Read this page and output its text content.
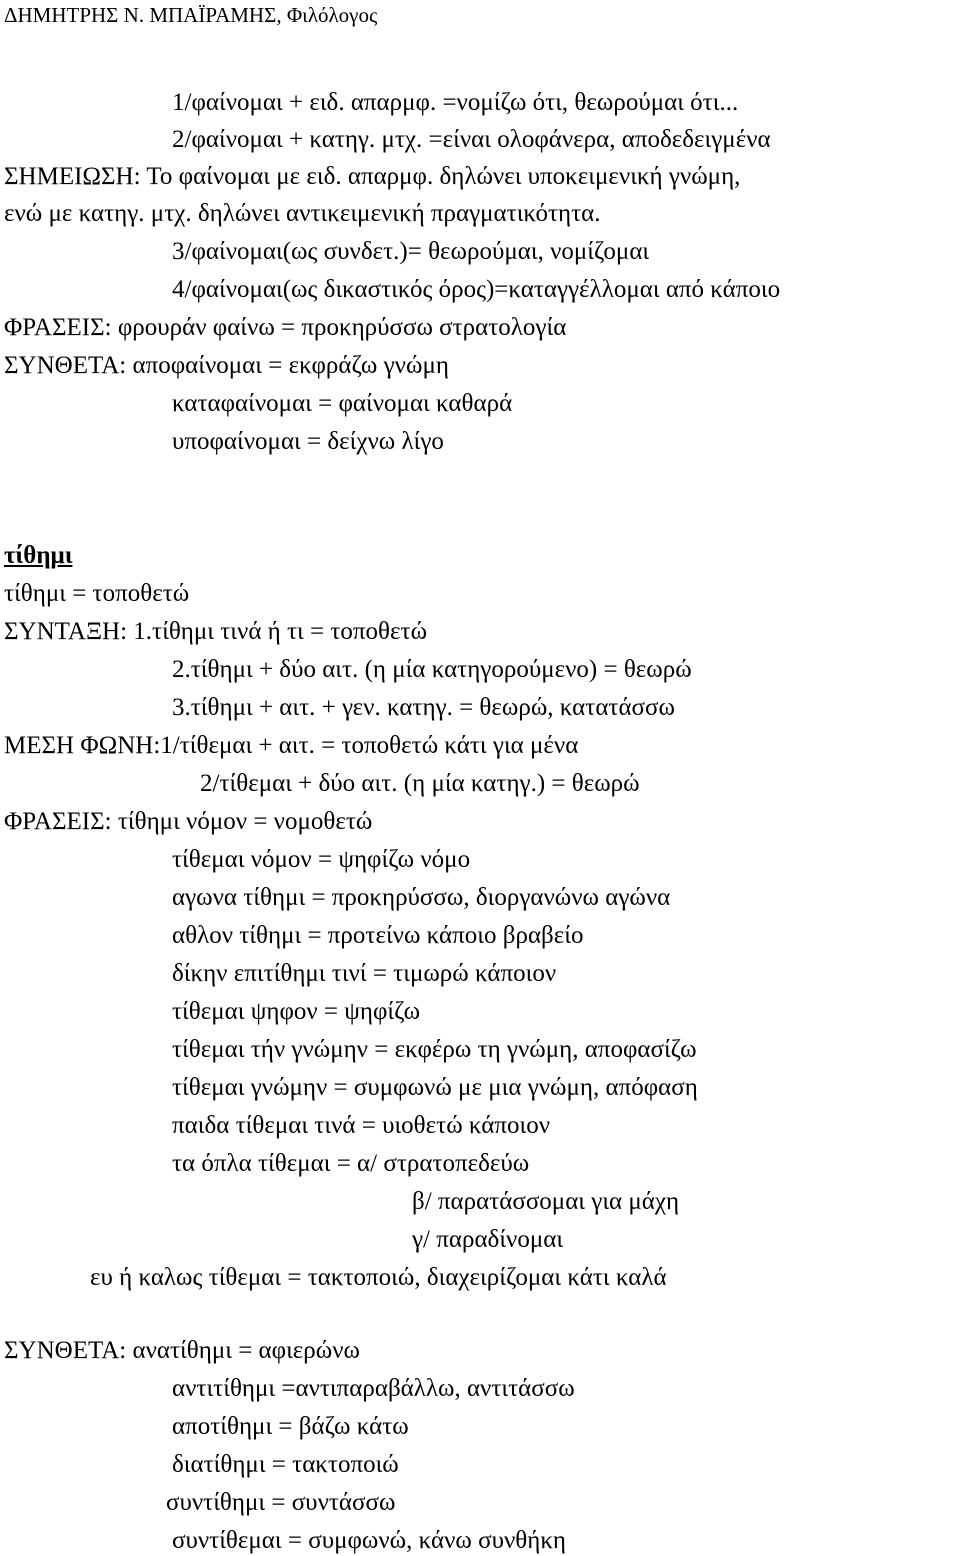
ΔΗΜΗΤΡΗΣ Ν. ΜΠΑΪΡΑΜΗΣ, Φιλόλογος
1/φαίνομαι + ειδ. απαρμφ. =νομίζω ότι, θεωρούμαι ότι...
2/φαίνομαι + κατηγ. μτχ. =είναι ολοφάνερα, αποδεδειγμένα
ΣΗΜΕΙΩΣΗ: Το φαίνομαι με ειδ. απαρμφ. δηλώνει υποκειμενική γνώμη,
ενώ με κατηγ. μτχ. δηλώνει αντικειμενική πραγματικότητα.
3/φαίνομαι(ως συνδετ.)= θεωρούμαι, νομίζομαι
4/φαίνομαι(ως δικαστικός όρος)=καταγγέλλομαι από κάποιο
ΦΡΑΣΕΙΣ: φρουράν φαίνω = προκηρύσσω στρατολογία
ΣΥΝΘΕΤΑ: αποφαίνομαι = εκφράζω γνώμη
καταφαίνομαι = φαίνομαι καθαρά
υποφαίνομαι = δείχνω λίγο
τίθημι
τίθημι = τοποθετώ
ΣΥΝΤΑΞΗ: 1.τίθημι τινά ή τι = τοποθετώ
2.τίθημι + δύο αιτ. (η μία κατηγορούμενο) = θεωρώ
3.τίθημι + αιτ. + γεν. κατηγ. = θεωρώ, κατατάσσω
ΜΕΣΗ ΦΩΝΗ:1/τίθεμαι + αιτ. = τοποθετώ κάτι για μένα
2/τίθεμαι + δύο αιτ. (η μία κατηγ.) = θεωρώ
ΦΡΑΣΕΙΣ: τίθημι νόμον = νομοθετώ
τίθεμαι νόμον = ψηφίζω νόμο
αγωνα τίθημι = προκηρύσσω, διοργανώνω αγώνα
αθλον τίθημι = προτείνω κάποιο βραβείο
δίκην επιτίθημι τινί = τιμωρώ κάποιον
τίθεμαι ψηφον = ψηφίζω
τίθεμαι τήν γνώμην = εκφέρω τη γνώμη, αποφασίζω
τίθεμαι γνώμην = συμφωνώ με μια γνώμη, απόφαση
παιδα τίθεμαι τινά = υιοθετώ κάποιον
τα όπλα τίθεμαι = α/ στρατοπεδεύω
β/ παρατάσσομαι για μάχη
γ/ παραδίνομαι
ευ ή καλως τίθεμαι = τακτοποιώ, διαχειρίζομαι κάτι καλά
ΣΥΝΘΕΤΑ: ανατίθημι = αφιερώνω
αντιτίθημι =αντιπαραβάλλω, αντιτάσσω
αποτίθημι = βάζω κάτω
διατίθημι = τακτοποιώ
συντίθημι = συντάσσω
συντίθεμαι = συμφωνώ, κάνω συνθήκη
